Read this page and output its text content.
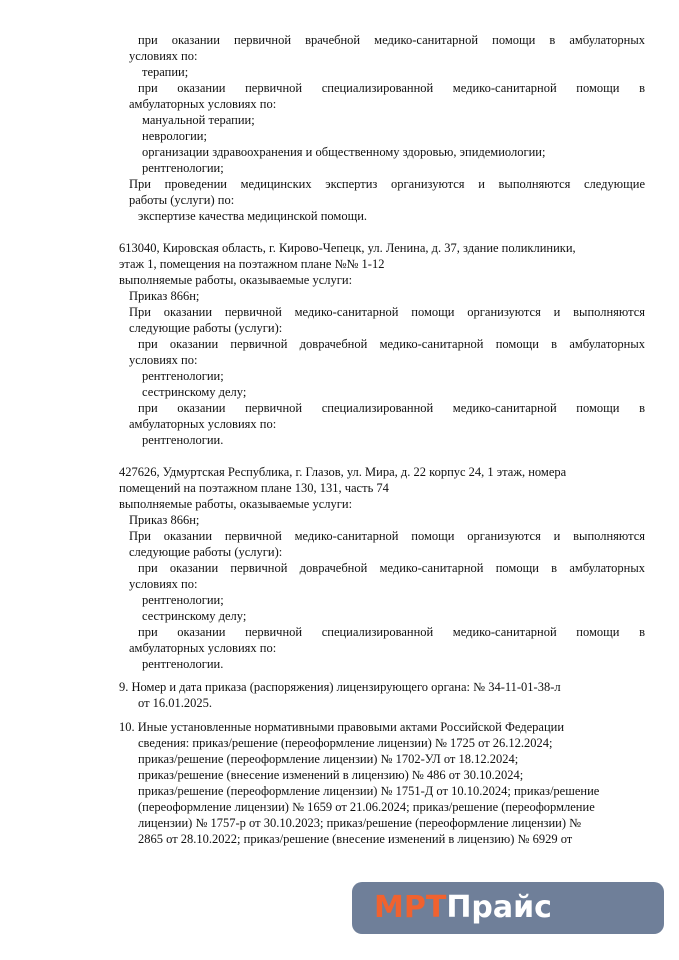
при оказании первичной врачебной медико-санитарной помощи в амбулаторных
условиях по:
терапии;
при оказании первичной специализированной медико-санитарной помощи в
амбулаторных условиях по:
мануальной терапии;
неврологии;
организации здравоохранения и общественному здоровью, эпидемиологии;
рентгенологии;
При проведении медицинских экспертиз организуются и выполняются следующие
работы (услуги) по:
экспертизе качества медицинской помощи.
613040, Кировская область, г. Кирово-Чепецк, ул. Ленина, д. 37, здание поликлиники,
этаж 1, помещения на поэтажном плане №№ 1-12
выполняемые работы, оказываемые услуги:
Приказ 866н;
При оказании первичной медико-санитарной помощи организуются и выполняются
следующие работы (услуги):
при оказании первичной доврачебной медико-санитарной помощи в амбулаторных
условиях по:
рентгенологии;
сестринскому делу;
при оказании первичной специализированной медико-санитарной помощи в
амбулаторных условиях по:
рентгенологии.
427626, Удмуртская Республика, г. Глазов, ул. Мира, д. 22 корпус 24, 1 этаж, номера
помещений на поэтажном плане 130, 131, часть 74
выполняемые работы, оказываемые услуги:
Приказ 866н;
При оказании первичной медико-санитарной помощи организуются и выполняются
следующие работы (услуги):
при оказании первичной доврачебной медико-санитарной помощи в амбулаторных
условиях по:
рентгенологии;
сестринскому делу;
при оказании первичной специализированной медико-санитарной помощи в
амбулаторных условиях по:
рентгенологии.
9. Номер и дата приказа (распоряжения) лицензирующего органа: № 34-11-01-38-л
от 16.01.2025.
10. Иные установленные нормативными правовыми актами Российской Федерации
сведения: приказ/решение (переоформление лицензии) № 1725 от 26.12.2024;
приказ/решение (переоформление лицензии) № 1702-УЛ от 18.12.2024;
приказ/решение (внесение изменений в лицензию) № 486 от 30.10.2024;
приказ/решение (переоформление лицензии) № 1751-Д от 10.10.2024; приказ/решение
(переоформление лицензии) № 1659 от 21.06.2024; приказ/решение (переоформление
лицензии) № 1757-р от 30.10.2023; приказ/решение (переоформление лицензии) №
2865 от 28.10.2022; приказ/решение (внесение изменений в лицензию) № 6929 от
МРТПрайс
